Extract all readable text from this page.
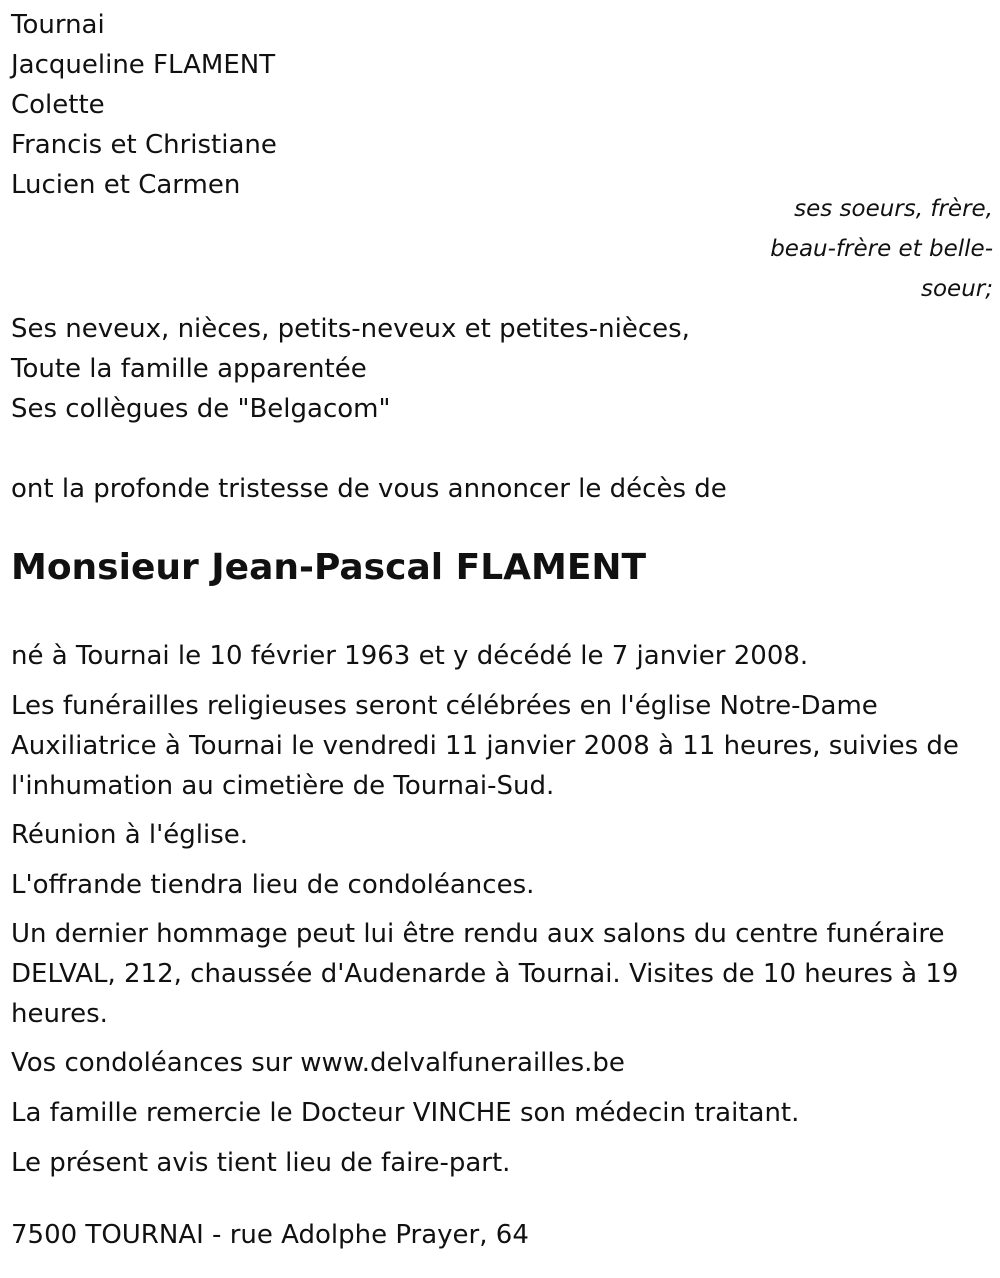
Tournai
Jacqueline FLAMENT
Colette
Francis et Christiane
Lucien et Carmen
ses soeurs, frère,
beau-frère et belle-
soeur;
Ses neveux, nièces, petits-neveux et petites-nièces,
Toute la famille apparentée
Ses collègues de "Belgacom"
ont la profonde tristesse de vous annoncer le décès de
Monsieur Jean-Pascal FLAMENT
né à Tournai le 10 février 1963 et y décédé le 7 janvier 2008.
Les funérailles religieuses seront célébrées en l'église Notre-Dame
Auxiliatrice à Tournai le vendredi 11 janvier 2008 à 11 heures, suivies de
l'inhumation au cimetière de Tournai-Sud.
Réunion à l'église.
L'offrande tiendra lieu de condoléances.
Un dernier hommage peut lui être rendu aux salons du centre funéraire
DELVAL, 212, chaussée d'Audenarde à Tournai. Visites de 10 heures à 19
heures.
Vos condoléances sur www.delvalfunerailles.be
La famille remercie le Docteur VINCHE son médecin traitant.
Le présent avis tient lieu de faire-part.
7500 TOURNAI - rue Adolphe Prayer, 64
